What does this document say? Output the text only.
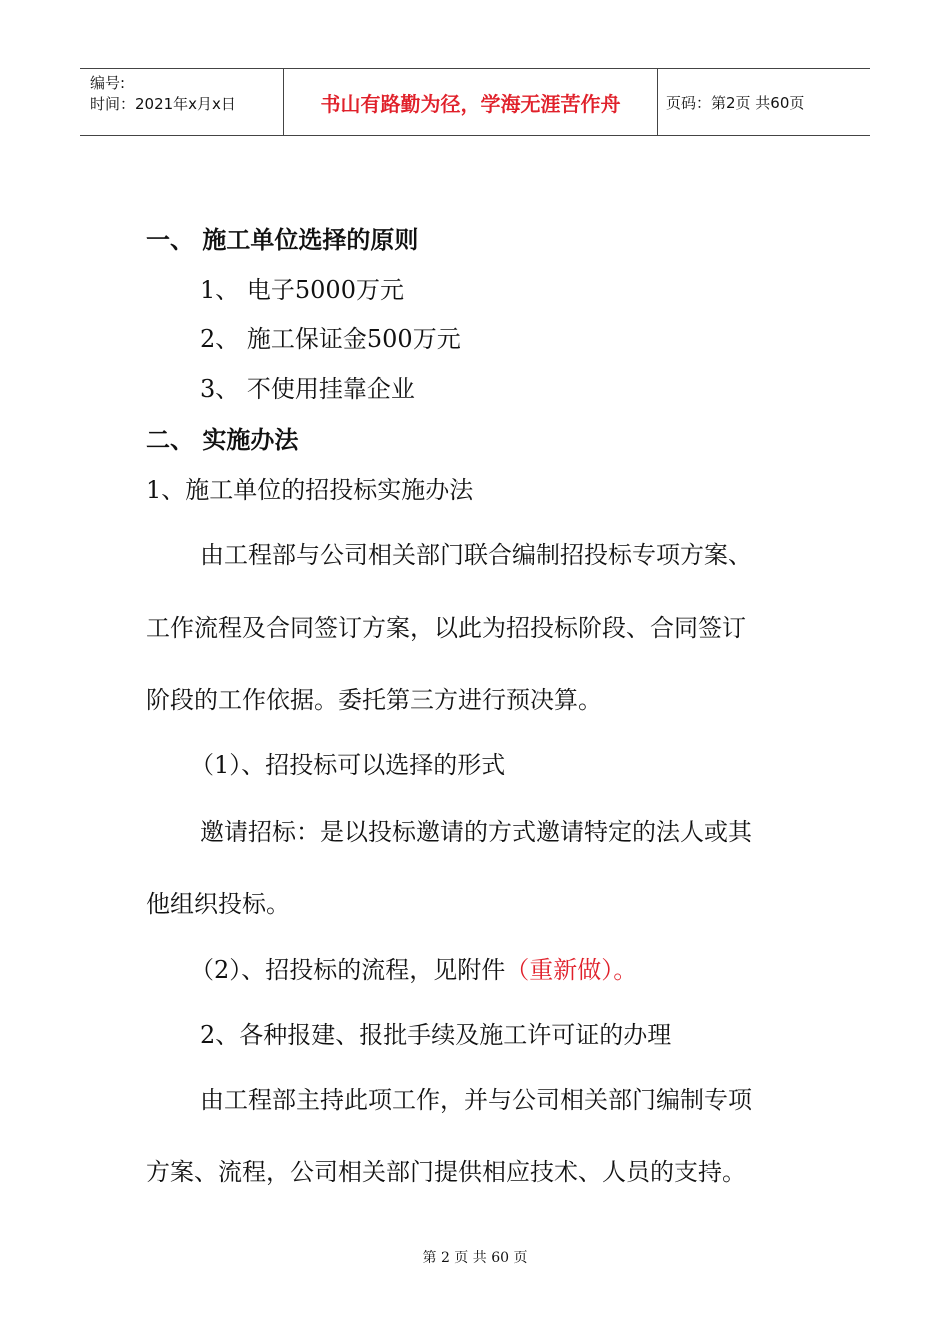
编号:
时间：2021年x月x日	书山有路勤为径，学海无涯苦作舟	页码：第2页 共60页
一、 施工单位选择的原则
1、 电子5000万元
2、 施工保证金500万元
3、 不使用挂靠企业
二、 实施办法
1、施工单位的招投标实施办法
由工程部与公司相关部门联合编制招投标专项方案、
工作流程及合同签订方案，以此为招投标阶段、合同签订
阶段的工作依据。委托第三方进行预决算。
（1）、招投标可以选择的形式
邀请招标：是以投标邀请的方式邀请特定的法人或其
他组织投标。
（2）、招投标的流程，见附件（重新做）。
2、各种报建、报批手续及施工许可证的办理
由工程部主持此项工作，并与公司相关部门编制专项
方案、流程，公司相关部门提供相应技术、人员的支持。
第 2 页 共 60 页
